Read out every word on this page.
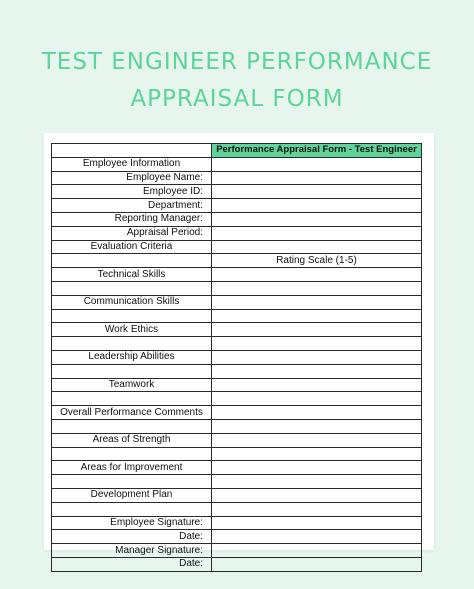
TEST ENGINEER PERFORMANCE
APPRAISAL FORM
	Performance Appraisal Form - Test Engineer
Employee Information	
Employee Name:	
Employee ID:	
Department:	
Reporting Manager:	
Appraisal Period:	
Evaluation Criteria	
	Rating Scale (1-5)
Technical Skills	

Communication Skills	

Work Ethics	

Leadership Abilities	

Teamwork	

Overall Performance Comments	

Areas of Strength	

Areas for Improvement	

Development Plan	

Employee Signature:	
Date:	
Manager Signature:	
Date:	
